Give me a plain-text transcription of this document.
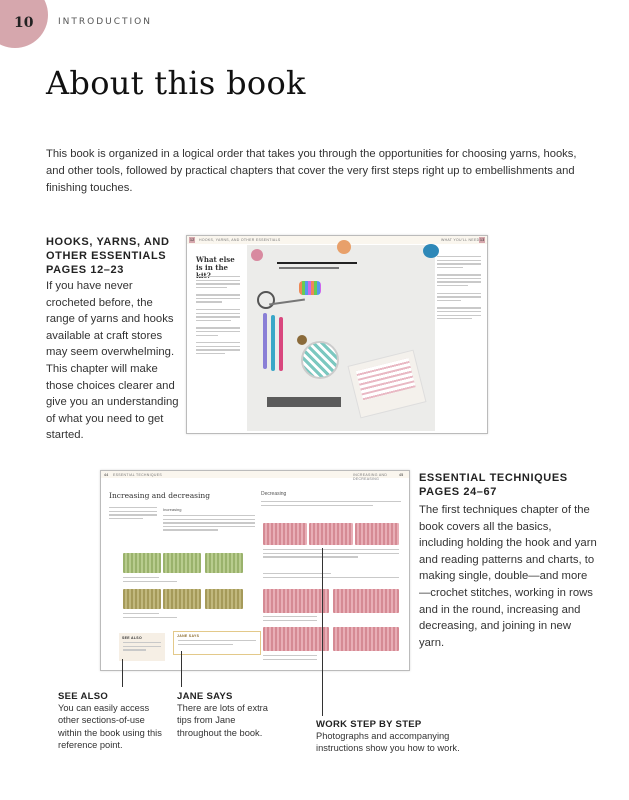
10	INTRODUCTION
About this book
This book is organized in a logical order that takes you through the opportunities for choosing yarns, hooks, and other tools, followed by practical chapters that cover the very first steps right up to embellishments and finishing touches.
HOOKS, YARNS, AND
OTHER ESSENTIALS
PAGES 12–23
If you have never crocheted before, the range of yarns and hooks available at craft stores may seem overwhelming. This chapter will make those choices clearer and give you an understanding of what you need to get started.
12 HOOKS, YARNS, AND OTHER ESSENTIALS	WHAT YOU'LL NEED 13
What else is in the
44 ESSENTIAL TECHNIQUES	INCREASING AND DECREASING
45
Increasing and decreasing	Decreasing
Increasing
SEE ALSO	JANE SAYS
ESSENTIAL TECHNIQUES
PAGES 24–67
The first techniques chapter of the book covers all the basics, including holding the hook and yarn and reading patterns and charts, to making single, double—and more—crochet stitches, working in rows and in the round, increasing and decreasing, and joining in new yarn.
SEE ALSO
You can easily access other sections-of-use within the book using this reference point.
JANE SAYS
There are lots of extra tips from Jane throughout the book.
WORK STEP BY STEP
Photographs and accompanying instructions show you how to work.
